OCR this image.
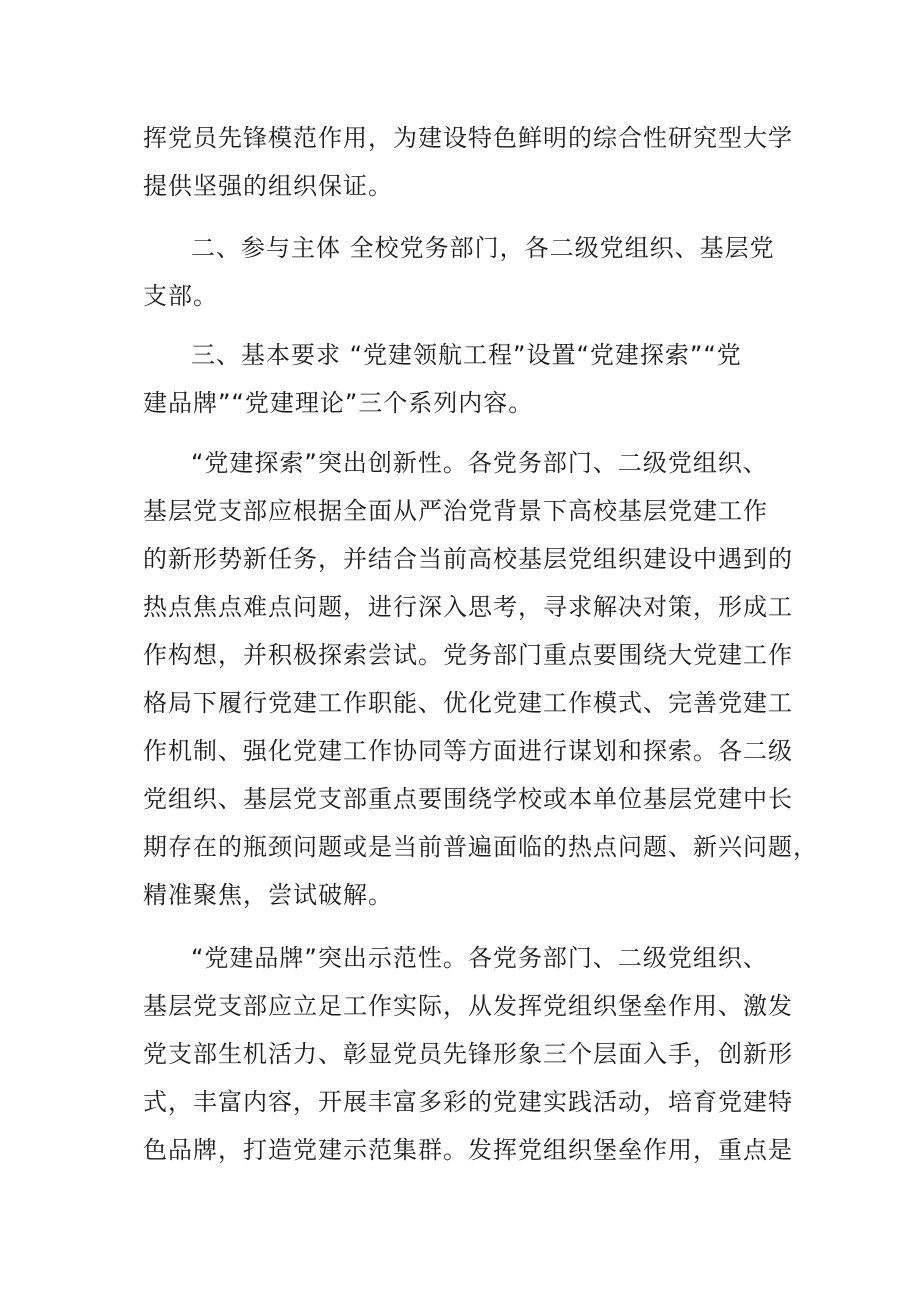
挥党员先锋模范作用，为建设特色鲜明的综合性研究型大学
提供坚强的组织保证。
二、参与主体 全校党务部门，各二级党组织、基层党
支部。
三、基本要求 “党建领航工程”设置“党建探索”“党
建品牌”“党建理论”三个系列内容。
“党建探索”突出创新性。各党务部门、二级党组织、
基层党支部应根据全面从严治党背景下高校基层党建工作
的新形势新任务，并结合当前高校基层党组织建设中遇到的
热点焦点难点问题，进行深入思考，寻求解决对策，形成工
作构想，并积极探索尝试。党务部门重点要围绕大党建工作
格局下履行党建工作职能、优化党建工作模式、完善党建工
作机制、强化党建工作协同等方面进行谋划和探索。各二级
党组织、基层党支部重点要围绕学校或本单位基层党建中长
期存在的瓶颈问题或是当前普遍面临的热点问题、新兴问题，
精准聚焦，尝试破解。
“党建品牌”突出示范性。各党务部门、二级党组织、
基层党支部应立足工作实际，从发挥党组织堡垒作用、激发
党支部生机活力、彰显党员先锋形象三个层面入手，创新形
式，丰富内容，开展丰富多彩的党建实践活动，培育党建特
色品牌，打造党建示范集群。发挥党组织堡垒作用，重点是
